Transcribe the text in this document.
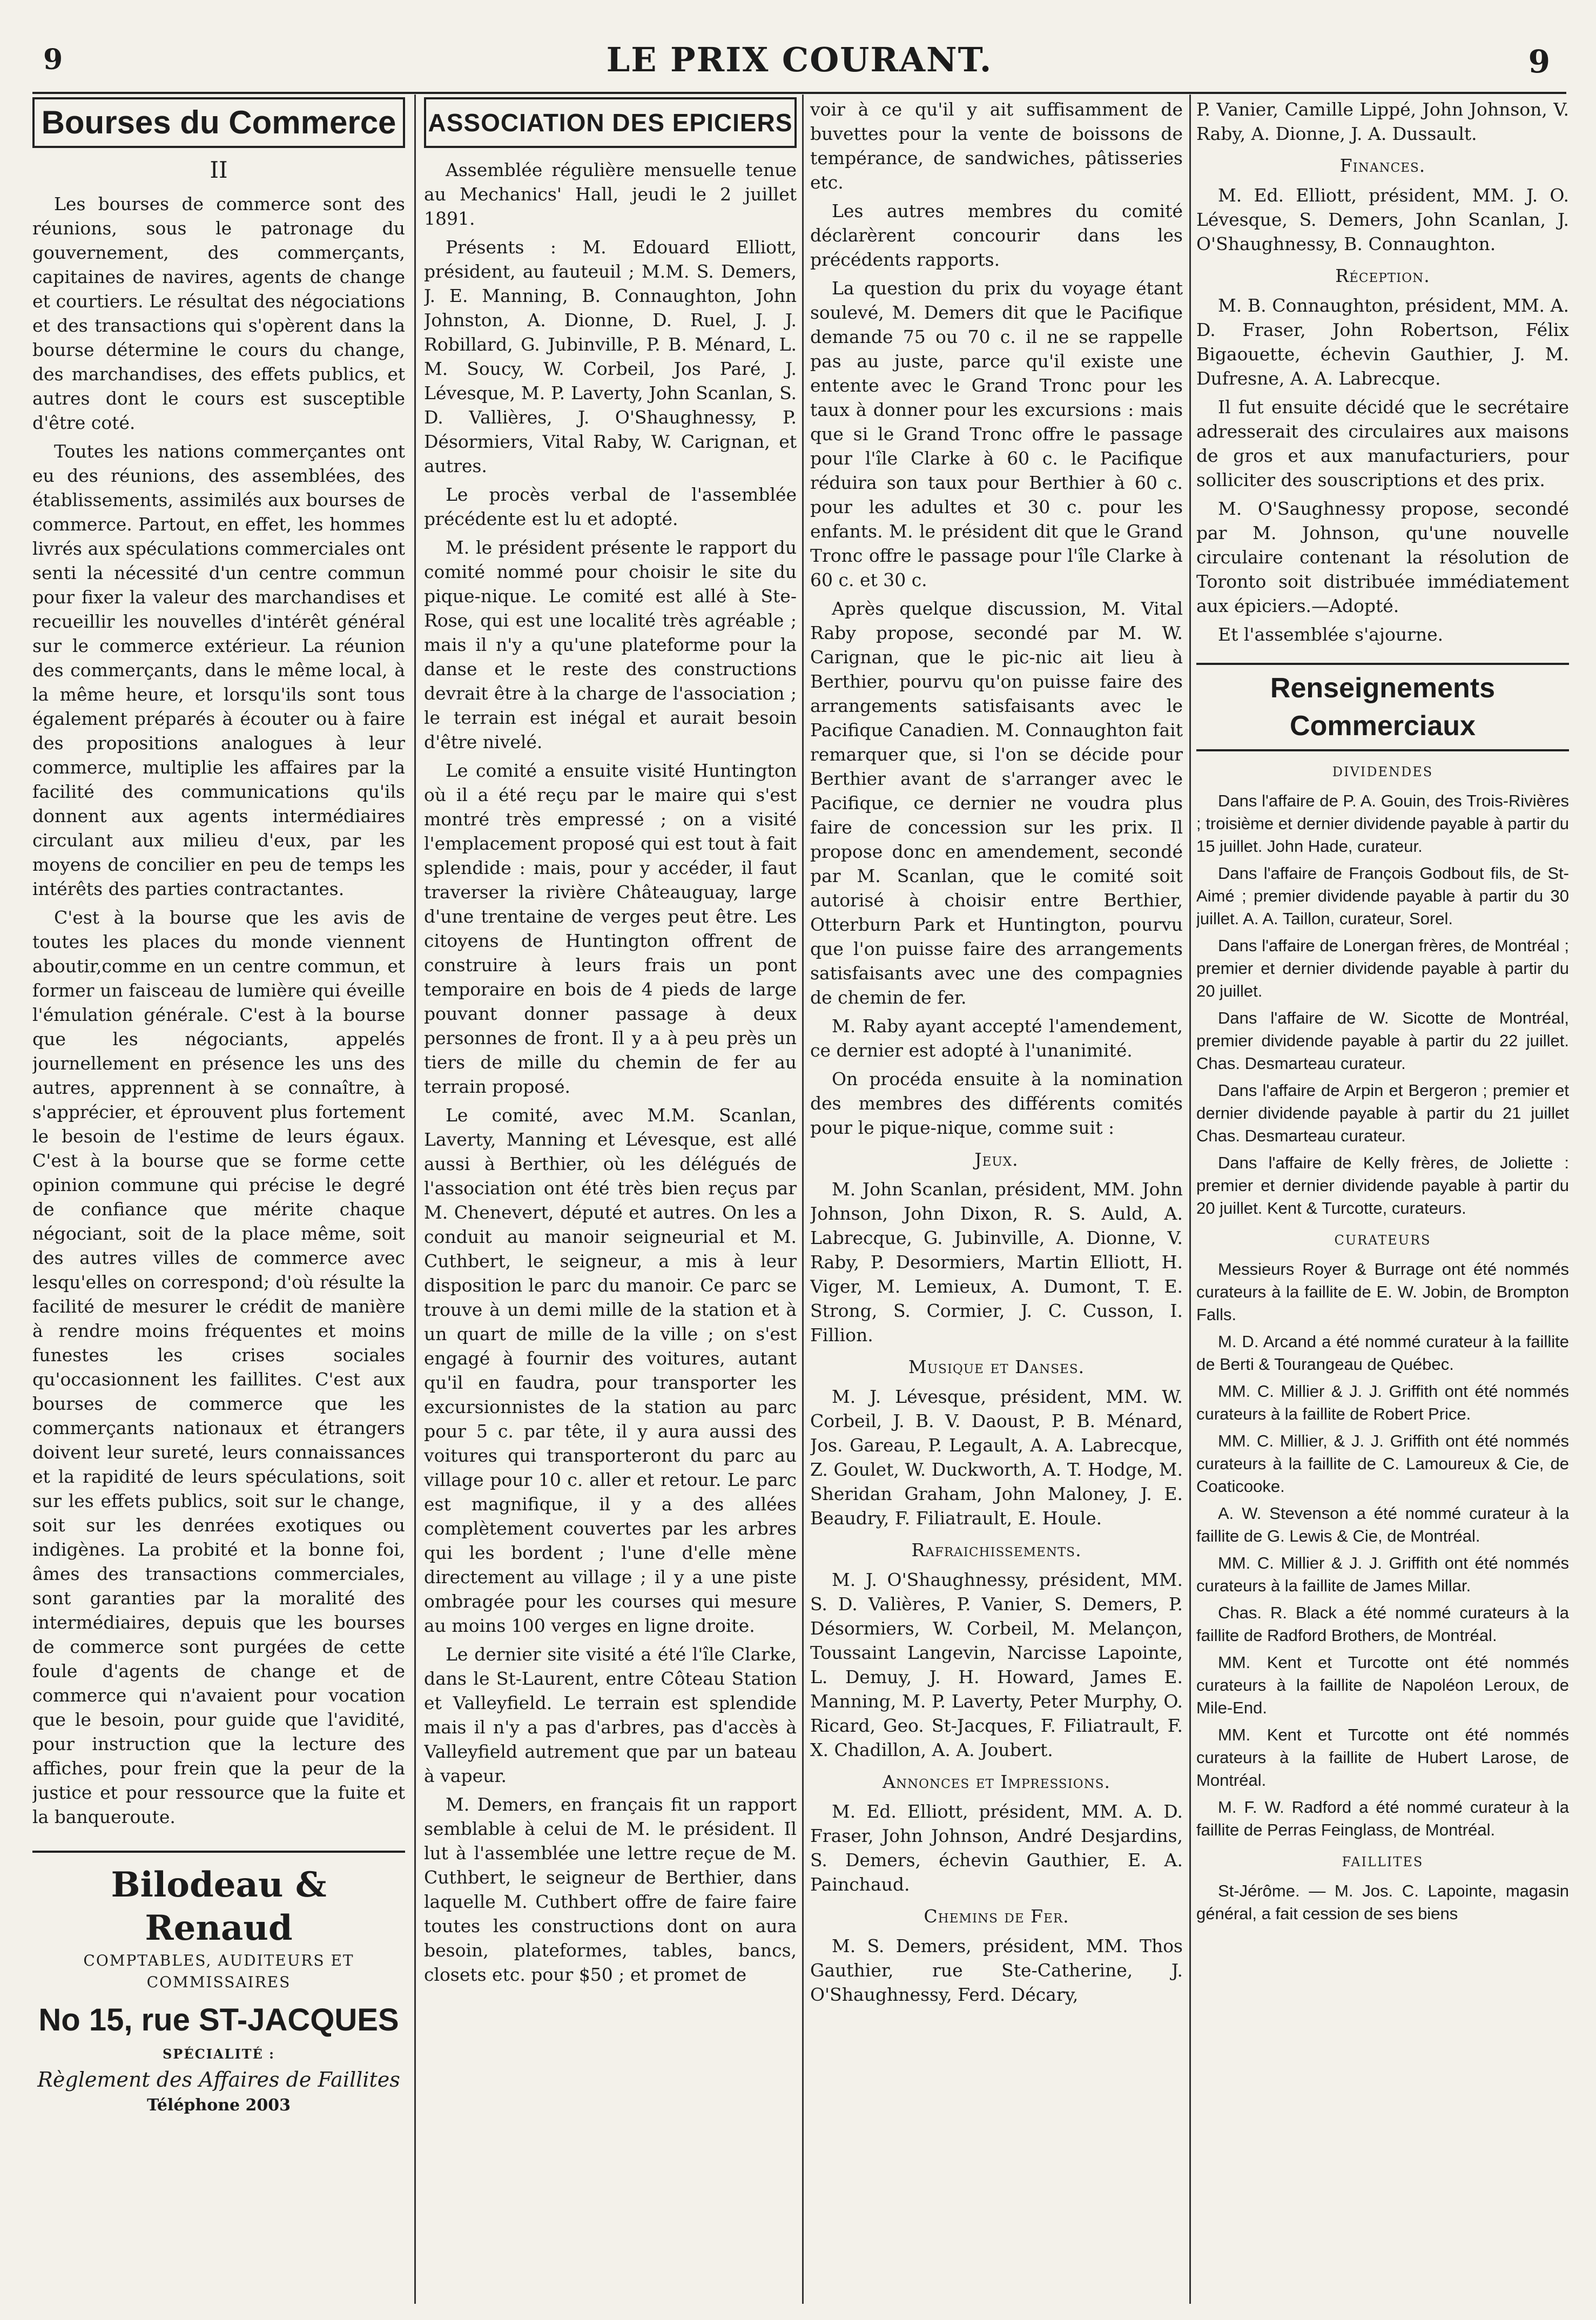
9	LE PRIX COURANT.	9
Bourses du Commerce
II

Les bourses de commerce sont des réunions, sous le patronage du gouvernement, des commerçants, capitaines de navires, agents de change et courtiers. Le résultat des négociations et des transactions qui s'opèrent dans la bourse détermine le cours du change, des marchandises, des effets publics, et autres dont le cours est susceptible d'être coté.

Toutes les nations commerçantes ont eu des réunions, des assemblées, des établissements, assimilés aux bourses de commerce. Partout, en effet, les hommes livrés aux spéculations commerciales ont senti la nécessité d'un centre commun pour fixer la valeur des marchandises et recueillir les nouvelles d'intérêt général sur le commerce extérieur. La réunion des commerçants, dans le même local, à la même heure, et lorsqu'ils sont tous également préparés à écouter ou à faire des propositions analogues à leur commerce, multiplie les affaires par la facilité des communications qu'ils donnent aux agents intermédiaires circulant aux milieu d'eux, par les moyens de concilier en peu de temps les intérêts des parties contractantes.

C'est à la bourse que les avis de toutes les places du monde viennent aboutir,comme en un centre commun, et former un faisceau de lumière qui éveille l'émulation générale. C'est à la bourse que les négociants, appelés journellement en présence les uns des autres, apprennent à se connaître, à s'apprécier, et éprouvent plus fortement le besoin de l'estime de leurs égaux. C'est à la bourse que se forme cette opinion commune qui précise le degré de confiance que mérite chaque négociant, soit de la place même, soit des autres villes de commerce avec lesqu'elles on correspond; d'où résulte la facilité de mesurer le crédit de manière à rendre moins fréquentes et moins funestes les crises sociales qu'occasionnent les faillites. C'est aux bourses de commerce que les commerçants nationaux et étrangers doivent leur sureté, leurs connaissances et la rapidité de leurs spéculations, soit sur les effets publics, soit sur le change, soit sur les denrées exotiques ou indigènes. La probité et la bonne foi, âmes des transactions commerciales, sont garanties par la moralité des intermédiaires, depuis que les bourses de commerce sont purgées de cette foule d'agents de change et de commerce qui n'avaient pour vocation que le besoin, pour guide que l'avidité, pour instruction que la lecture des affiches, pour frein que la peur de la justice et pour ressource que la fuite et la banqueroute.

Bilodeau & Renaud
COMPTABLES, AUDITEURS ET
COMMISSAIRES
No 15, rue ST-JACQUES
SPÉCIALITÉ :
Règlement des Affaires de Faillites
Téléphone 2003
ASSOCIATION DES EPICIERS

Assemblée régulière mensuelle tenue au Mechanics' Hall, jeudi le 2 juillet 1891.

Présents : M. Edouard Elliott, président, au fauteuil ; M.M. S. Demers, J. E. Manning, B. Connaughton, John Johnston, A. Dionne, D. Ruel, J. J. Robillard, G. Jubinville, P. B. Ménard, L. M. Soucy, W. Corbeil, Jos Paré, J. Lévesque, M. P. Laverty, John Scanlan, S. D. Vallières, J. O'Shaughnessy, P. Désormiers, Vital Raby, W. Carignan, et autres.

Le procès verbal de l'assemblée précédente est lu et adopté.

M. le président présente le rapport du comité nommé pour choisir le site du pique-nique. Le comité est allé à Ste-Rose, qui est une localité très agréable ; mais il n'y a qu'une plateforme pour la danse et le reste des constructions devrait être à la charge de l'association ; le terrain est inégal et aurait besoin d'être nivelé.

Le comité a ensuite visité Huntington où il a été reçu par le maire qui s'est montré très empressé ; on a visité l'emplacement proposé qui est tout à fait splendide : mais, pour y accéder, il faut traverser la rivière Châteauguay, large d'une trentaine de verges peut être. Les citoyens de Huntington offrent de construire à leurs frais un pont temporaire en bois de 4 pieds de large pouvant donner passage à deux personnes de front. Il y a à peu près un tiers de mille du chemin de fer au terrain proposé.

Le comité, avec M.M. Scanlan, Laverty, Manning et Lévesque, est allé aussi à Berthier, où les délégués de l'association ont été très bien reçus par M. Chenevert, député et autres. On les a conduit au manoir seigneurial et M. Cuthbert, le seigneur, a mis à leur disposition le parc du manoir. Ce parc se trouve à un demi mille de la station et à un quart de mille de la ville ; on s'est engagé à fournir des voitures, autant qu'il en faudra, pour transporter les excursionnistes de la station au parc pour 5 c. par tête, il y aura aussi des voitures qui transporteront du parc au village pour 10 c. aller et retour. Le parc est magnifique, il y a des allées complètement couvertes par les arbres qui les bordent ; l'une d'elle mène directement au village ; il y a une piste ombragée pour les courses qui mesure au moins 100 verges en ligne droite.

Le dernier site visité a été l'île Clarke, dans le St-Laurent, entre Côteau Station et Valleyfield. Le terrain est splendide mais il n'y a pas d'arbres, pas d'accès à Valleyfield autrement que par un bateau à vapeur.

M. Demers, en français fit un rapport semblable à celui de M. le président. Il lut à l'assemblée une lettre reçue de M. Cuthbert, le seigneur de Berthier, dans laquelle M. Cuthbert offre de faire faire toutes les constructions dont on aura besoin, plateformes, tables, bancs, closets etc. pour $50 ; et promet de

voir à ce qu'il y ait suffisamment de buvettes pour la vente de boissons de tempérance, de sandwiches, pâtisseries etc.

Les autres membres du comité déclarèrent concourir dans les précédents rapports.

La question du prix du voyage étant soulevé, M. Demers dit que le Pacifique demande 75 ou 70 c. il ne se rappelle pas au juste, parce qu'il existe une entente avec le Grand Tronc pour les taux à donner pour les excursions : mais que si le Grand Tronc offre le passage pour l'île Clarke à 60 c. le Pacifique réduira son taux pour Berthier à 60 c. pour les adultes et 30 c. pour les enfants. M. le président dit que le Grand Tronc offre le passage pour l'île Clarke à 60 c. et 30 c.

Après quelque discussion, M. Vital Raby propose, secondé par M. W. Carignan, que le pic-nic ait lieu à Berthier, pourvu qu'on puisse faire des arrangements satisfaisants avec le Pacifique Canadien. M. Connaughton fait remarquer que, si l'on se décide pour Berthier avant de s'arranger avec le Pacifique, ce dernier ne voudra plus faire de concession sur les prix. Il propose donc en amendement, secondé par M. Scanlan, que le comité soit autorisé à choisir entre Berthier, Otterburn Park et Huntington, pourvu que l'on puisse faire des arrangements satisfaisants avec une des compagnies de chemin de fer.

M. Raby ayant accepté l'amendement, ce dernier est adopté à l'unanimité.

On procéda ensuite à la nomination des membres des différents comités pour le pique-nique, comme suit :

Jeux.

M. John Scanlan, président, MM. John Johnson, John Dixon, R. S. Auld, A. Labrecque, G. Jubinville, A. Dionne, V. Raby, P. Desormiers, Martin Elliott, H. Viger, M. Lemieux, A. Dumont, T. E. Strong, S. Cormier, J. C. Cusson, I. Fillion.

Musique et Danses.

M. J. Lévesque, président, MM. W. Corbeil, J. B. V. Daoust, P. B. Ménard, Jos. Gareau, P. Legault, A. A. Labrecque, Z. Goulet, W. Duckworth, A. T. Hodge, M. Sheridan Graham, John Maloney, J. E. Beaudry, F. Filiatrault, E. Houle.

Rafraichissements.

M. J. O'Shaughnessy, président, MM. S. D. Valières, P. Vanier, S. Demers, P. Désormiers, W. Corbeil, M. Melançon, Toussaint Langevin, Narcisse Lapointe, L. Demuy, J. H. Howard, James E. Manning, M. P. Laverty, Peter Murphy, O. Ricard, Geo. St-Jacques, F. Filiatrault, F. X. Chadillon, A. A. Joubert.

Annonces et Impressions.

M. Ed. Elliott, président, MM. A. D. Fraser, John Johnson, André Desjardins, S. Demers, échevin Gauthier, E. A. Painchaud.

Chemins de Fer.

M. S. Demers, président, MM. Thos Gauthier, rue Ste-Catherine, J. O'Shaughnessy, Ferd. Décary,

P. Vanier, Camille Lippé, John Johnson, V. Raby, A. Dionne, J. A. Dussault.

Finances.

M. Ed. Elliott, président, MM. J. O. Lévesque, S. Demers, John Scanlan, J. O'Shaughnessy, B. Connaughton.

Réception.

M. B. Connaughton, président, MM. A. D. Fraser, John Robertson, Félix Bigaouette, échevin Gauthier, J. M. Dufresne, A. A. Labrecque.

Il fut ensuite décidé que le secrétaire adresserait des circulaires aux maisons de gros et aux manufacturiers, pour solliciter des souscriptions et des prix.

M. O'Saughnessy propose, secondé par M. Johnson, qu'une nouvelle circulaire contenant la résolution de Toronto soit distribuée immédiatement aux épiciers.—Adopté.

Et l'assemblée s'ajourne.

Renseignements Commerciaux
DIVIDENDES

Dans l'affaire de P. A. Gouin, des Trois-Rivières ; troisième et dernier dividende payable à partir du 15 juillet. John Hade, curateur.

Dans l'affaire de François Godbout fils, de St-Aimé ; premier dividende payable à partir du 30 juillet. A. A. Taillon, curateur, Sorel.

Dans l'affaire de Lonergan frères, de Montréal ; premier et dernier dividende payable à partir du 20 juillet.

Dans l'affaire de W. Sicotte de Montréal, premier dividende payable à partir du 22 juillet. Chas. Desmarteau curateur.

Dans l'affaire de Arpin et Bergeron ; premier et dernier dividende payable à partir du 21 juillet Chas. Desmarteau curateur.

Dans l'affaire de Kelly frères, de Joliette : premier et dernier dividende payable à partir du 20 juillet. Kent & Turcotte, curateurs.

CURATEURS

Messieurs Royer & Burrage ont été nommés curateurs à la faillite de E. W. Jobin, de Brompton Falls.

M. D. Arcand a été nommé curateur à la faillite de Berti & Tourangeau de Québec.

MM. C. Millier & J. J. Griffith ont été nommés curateurs à la faillite de Robert Price.

MM. C. Millier, & J. J. Griffith ont été nommés curateurs à la faillite de C. Lamoureux & Cie, de Coaticooke.

A. W. Stevenson a été nommé curateur à la faillite de G. Lewis & Cie, de Montréal.

MM. C. Millier & J. J. Griffith ont été nommés curateurs à la faillite de James Millar.

Chas. R. Black a été nommé curateurs à la faillite de Radford Brothers, de Montréal.

MM. Kent et Turcotte ont été nommés curateurs à la faillite de Napoléon Leroux, de Mile-End.

MM. Kent et Turcotte ont été nommés curateurs à la faillite de Hubert Larose, de Montréal.

M. F. W. Radford a été nommé curateur à la faillite de Perras Feinglass, de Montréal.

FAILLITES

St-Jérôme. — M. Jos. C. Lapointe, magasin général, a fait cession de ses biens
